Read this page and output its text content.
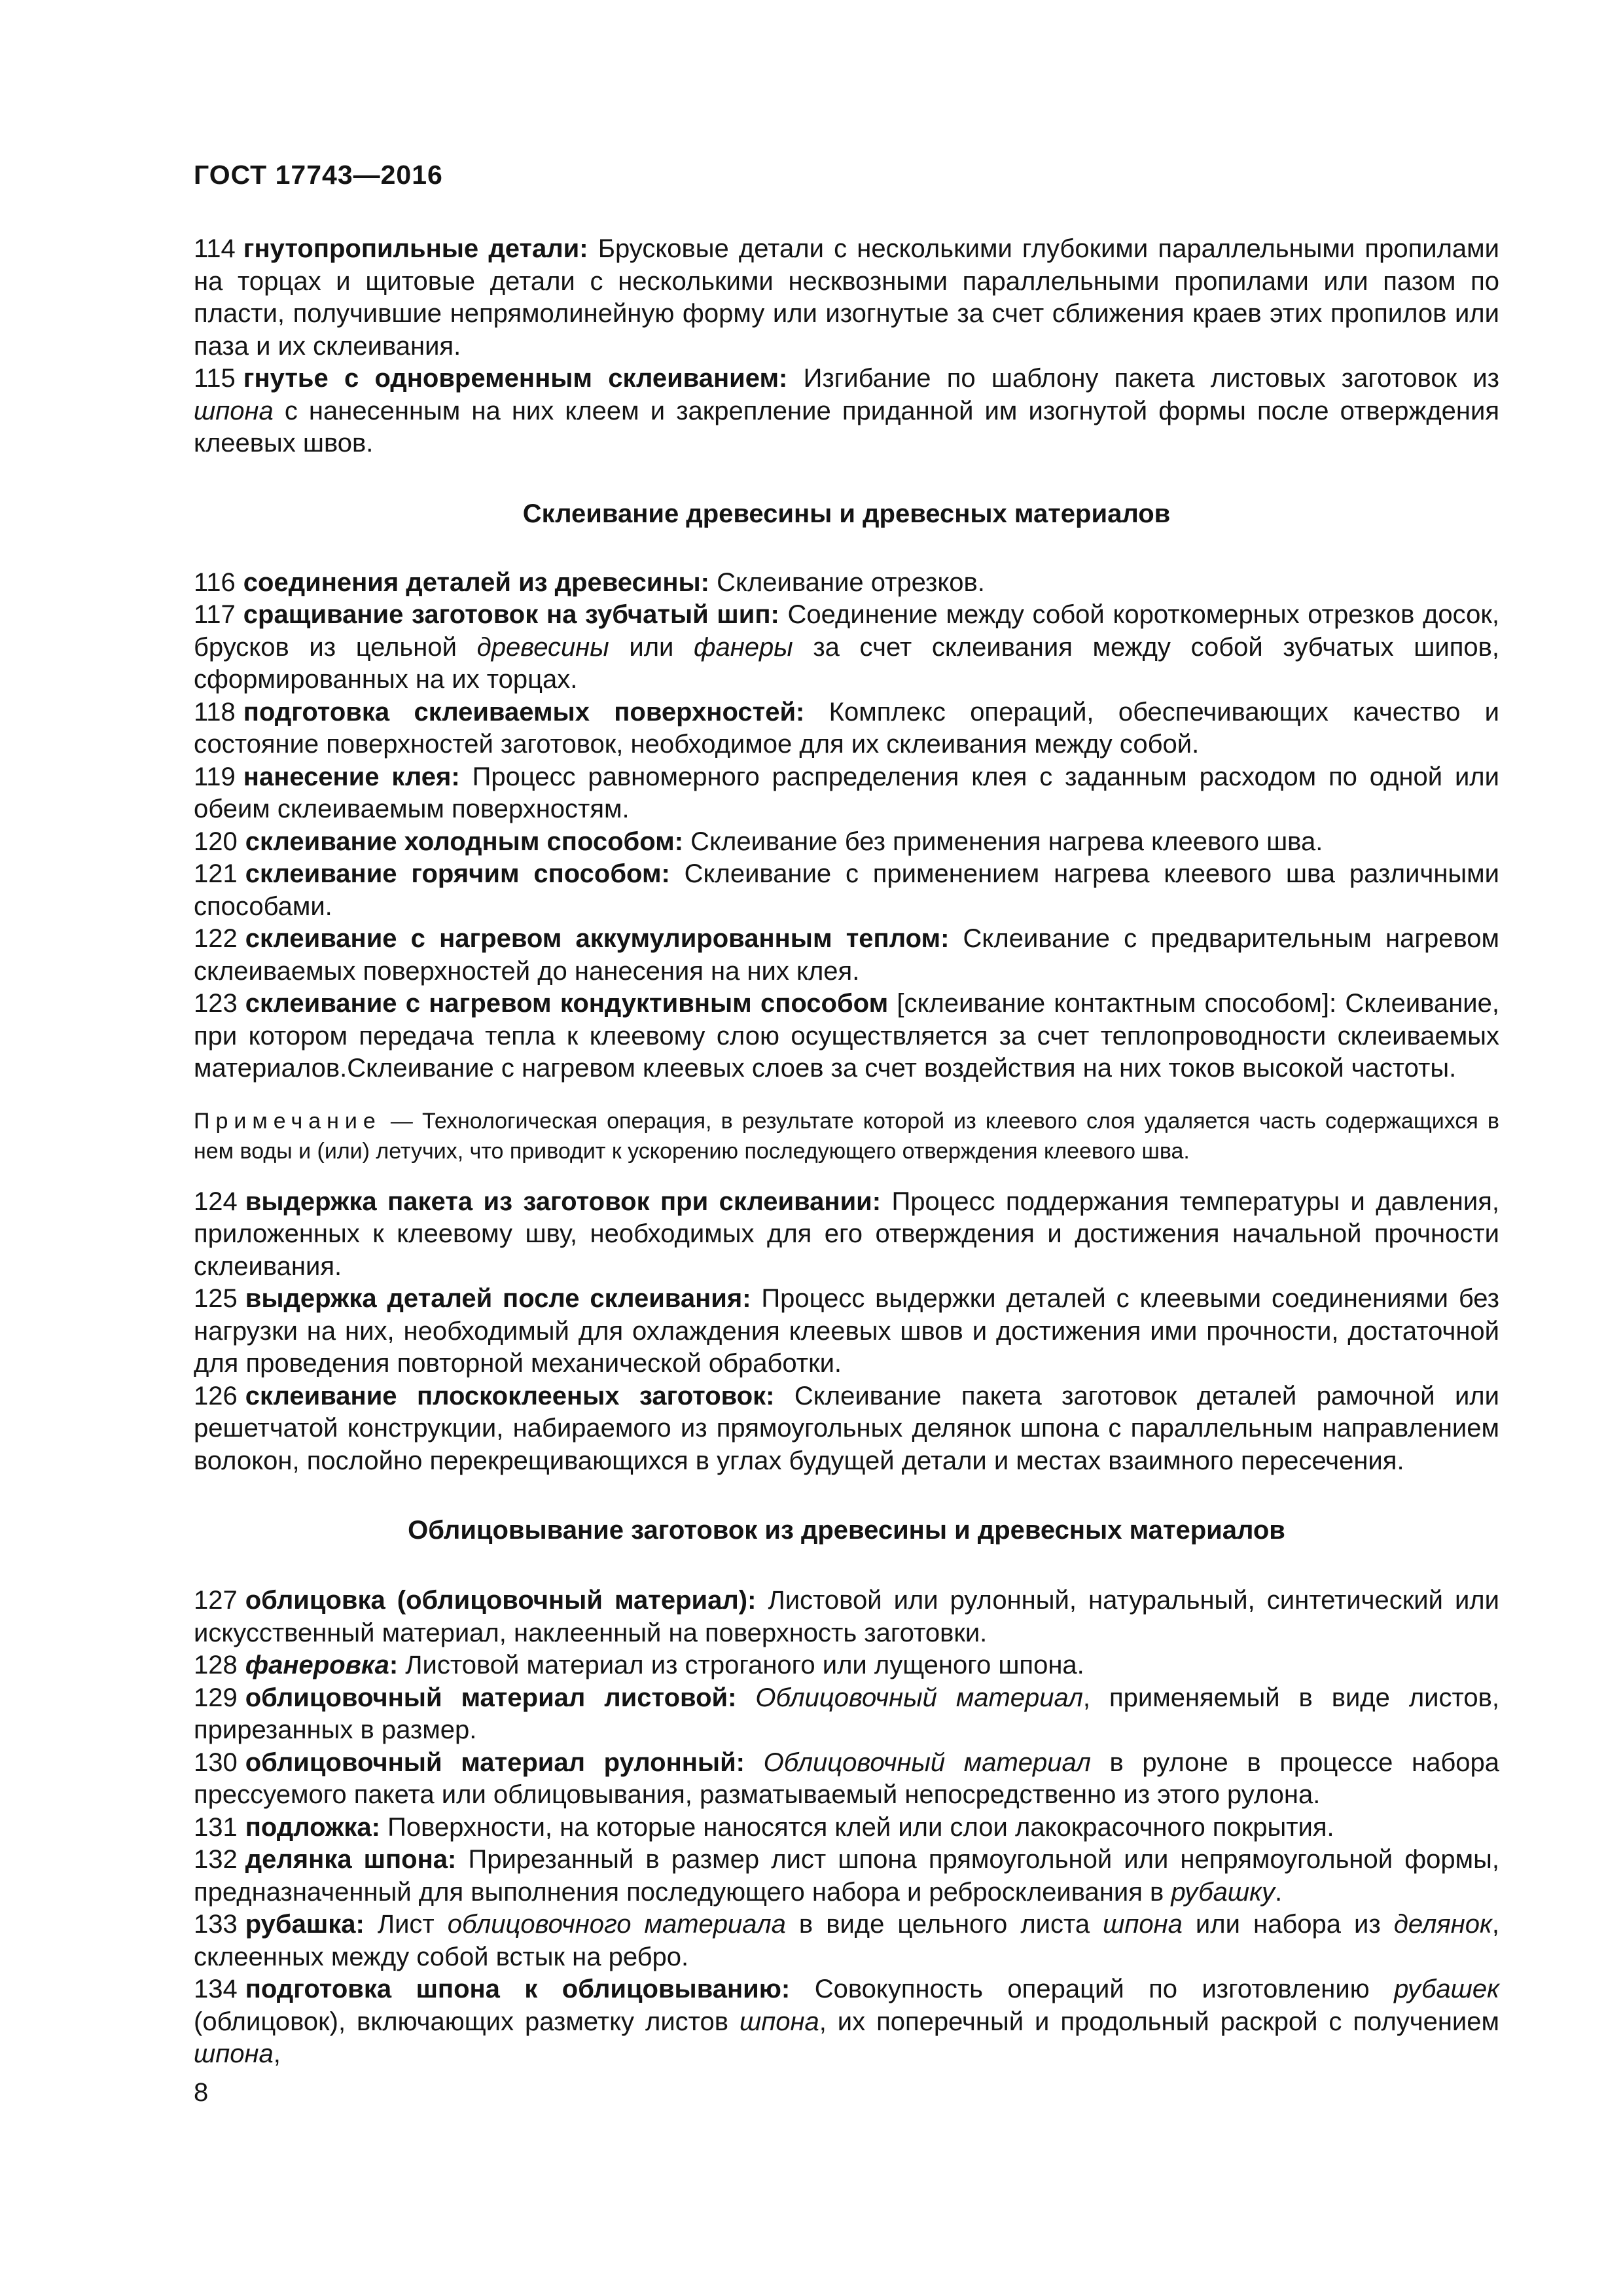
ГОСТ 17743—2016

114 гнутопропильные детали: Брусковые детали с несколькими глубокими параллельными пропилами на торцах и щитовые детали с несколькими несквозными параллельными пропилами или пазом по пласти, получившие непрямолинейную форму или изогнутые за счет сближения краев этих пропилов или паза и их склеивания.

115 гнутье с одновременным склеиванием: Изгибание по шаблону пакета листовых заготовок из шпона с нанесенным на них клеем и закрепление приданной им изогнутой формы после отверждения клеевых швов.

Склеивание древесины и древесных материалов

116 соединения деталей из древесины: Склеивание отрезков.

117 сращивание заготовок на зубчатый шип: Соединение между собой короткомерных отрезков досок, брусков из цельной древесины или фанеры за счет склеивания между собой зубчатых шипов, сформированных на их торцах.

118 подготовка склеиваемых поверхностей: Комплекс операций, обеспечивающих качество и состояние поверхностей заготовок, необходимое для их склеивания между собой.

119 нанесение клея: Процесс равномерного распределения клея с заданным расходом по одной или обеим склеиваемым поверхностям.

120 склеивание холодным способом: Склеивание без применения нагрева клеевого шва.

121 склеивание горячим способом: Склеивание с применением нагрева клеевого шва различными способами.

122 склеивание с нагревом аккумулированным теплом: Склеивание с предварительным нагревом склеиваемых поверхностей до нанесения на них клея.

123 склеивание с нагревом кондуктивным способом [склеивание контактным способом]: Склеивание, при котором передача тепла к клеевому слою осуществляется за счет теплопроводности склеиваемых материалов.Склеивание с нагревом клеевых слоев за счет воздействия на них токов высокой частоты.

Примечание — Технологическая операция, в результате которой из клеевого слоя удаляется часть содержащихся в нем воды и (или) летучих, что приводит к ускорению последующего отверждения клеевого шва.

124 выдержка пакета из заготовок при склеивании: Процесс поддержания температуры и давления, приложенных к клеевому шву, необходимых для его отверждения и достижения начальной прочности склеивания.

125 выдержка деталей после склеивания: Процесс выдержки деталей с клеевыми соединениями без нагрузки на них, необходимый для охлаждения клеевых швов и достижения ими прочности, достаточной для проведения повторной механической обработки.

126 склеивание плоскоклееных заготовок: Склеивание пакета заготовок деталей рамочной или решетчатой конструкции, набираемого из прямоугольных делянок шпона с параллельным направлением волокон, послойно перекрещивающихся в углах будущей детали и местах взаимного пересечения.

Облицовывание заготовок из древесины и древесных материалов

127 облицовка (облицовочный материал): Листовой или рулонный, натуральный, синтетический или искусственный материал, наклеенный на поверхность заготовки.

128 фанеровка: Листовой материал из строганого или лущеного шпона.

129 облицовочный материал листовой: Облицовочный материал, применяемый в виде листов, прирезанных в размер.

130 облицовочный материал рулонный: Облицовочный материал в рулоне в процессе набора прессуемого пакета или облицовывания, разматываемый непосредственно из этого рулона.

131 подложка: Поверхности, на которые наносятся клей или слои лакокрасочного покрытия.

132 делянка шпона: Прирезанный в размер лист шпона прямоугольной или непрямоугольной формы, предназначенный для выполнения последующего набора и ребросклеивания в рубашку.

133 рубашка: Лист облицовочного материала в виде цельного листа шпона или набора из делянок, склеенных между собой встык на ребро.

134 подготовка шпона к облицовыванию: Совокупность операций по изготовлению рубашек (облицовок), включающих разметку листов шпона, их поперечный и продольный раскрой с получением шпона,

8
